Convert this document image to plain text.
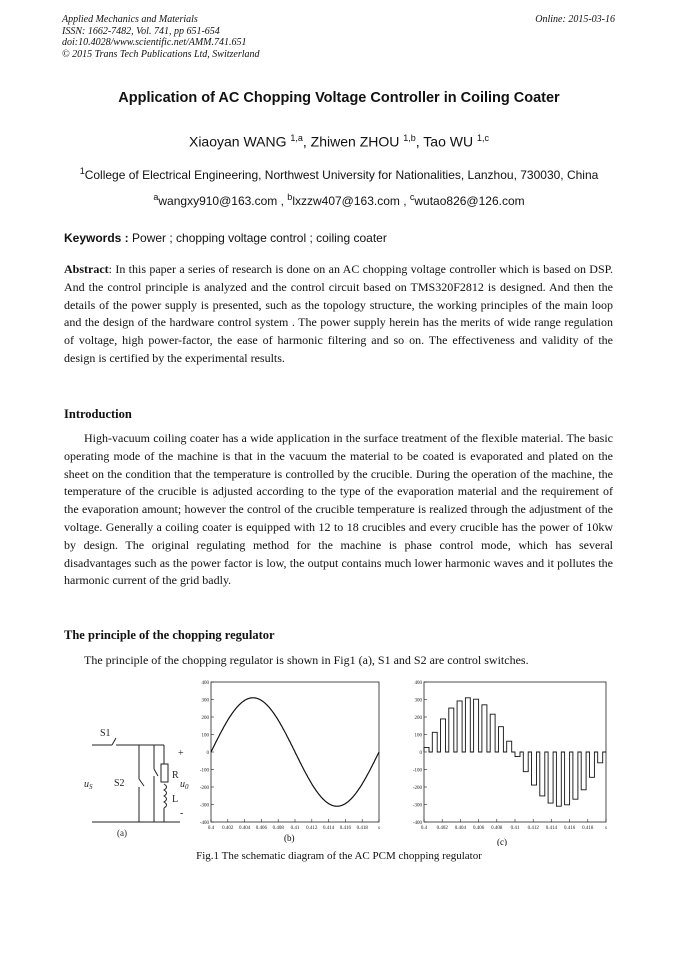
Applied Mechanics and Materials
ISSN: 1662-7482, Vol. 741, pp 651-654
doi:10.4028/www.scientific.net/AMM.741.651
© 2015 Trans Tech Publications Ltd, Switzerland
Online: 2015-03-16
Application of AC Chopping Voltage Controller in Coiling Coater
Xiaoyan WANG $^{1,a}$, Zhiwen ZHOU $^{1,b}$, Tao WU $^{1,c}$
$^1$College of Electrical Engineering, Northwest University for Nationalities, Lanzhou, 730030, China
$^a$wangxy910@163.com , $^b$lxzzw407@163.com , $^c$wutao826@126.com
Keywords : Power ; chopping voltage control ; coiling coater

Abstract: In this paper a series of research is done on an AC chopping voltage controller which is based on DSP. And the control principle is analyzed and the control circuit based on TMS320F2812 is designed. And then the details of the power supply is presented, such as the topology structure, the working principles of the main loop and the design of the hardware control system . The power supply herein has the merits of wide range regulation of voltage, high power-factor, the ease of harmonic filtering and so on. The effectiveness and validity of the design is certified by the experimental results.

Introduction

High-vacuum coiling coater has a wide application in the surface treatment of the flexible material. The basic operating mode of the machine is that in the vacuum the material to be coated is evaporated and plated on the sheet on the condition that the temperature is controlled by the crucible. During the operation of the machine, the temperature of the crucible is adjusted according to the type of the evaporation material and the requirement of the evaporation amount; however the control of the crucible temperature is realized through the adjustment of the voltage. Generally a coiling coater is equipped with 12 to 18 crucibles and every crucible has the power of 10kw by design. The original regulating method for the machine is phase control mode, which has several disadvantages such as the power factor is low, the output contains much lower harmonic waves and it pollutes the harmonic current of the grid badly.

The principle of the chopping regulator

The principle of the chopping regulator is shown in Fig1 (a), S1 and S2 are control switches.

S1
S2
$u_S$	$u_0$
R
L
+
-
(a)
400
300
200
100
0
-100
-200
-300
-400
0.4 0.402 0.404 0.406 0.408 0.41 0.412 0.414 0.416 0.418 s
(b)
400
300
200
100
0
-100
-200
-300
-400
0.4 0.402 0.404 0.406 0.408 0.41 0.412 0.414 0.416 0.418 s
(c)
Fig.1 The schematic diagram of the AC PCM chopping regulator
